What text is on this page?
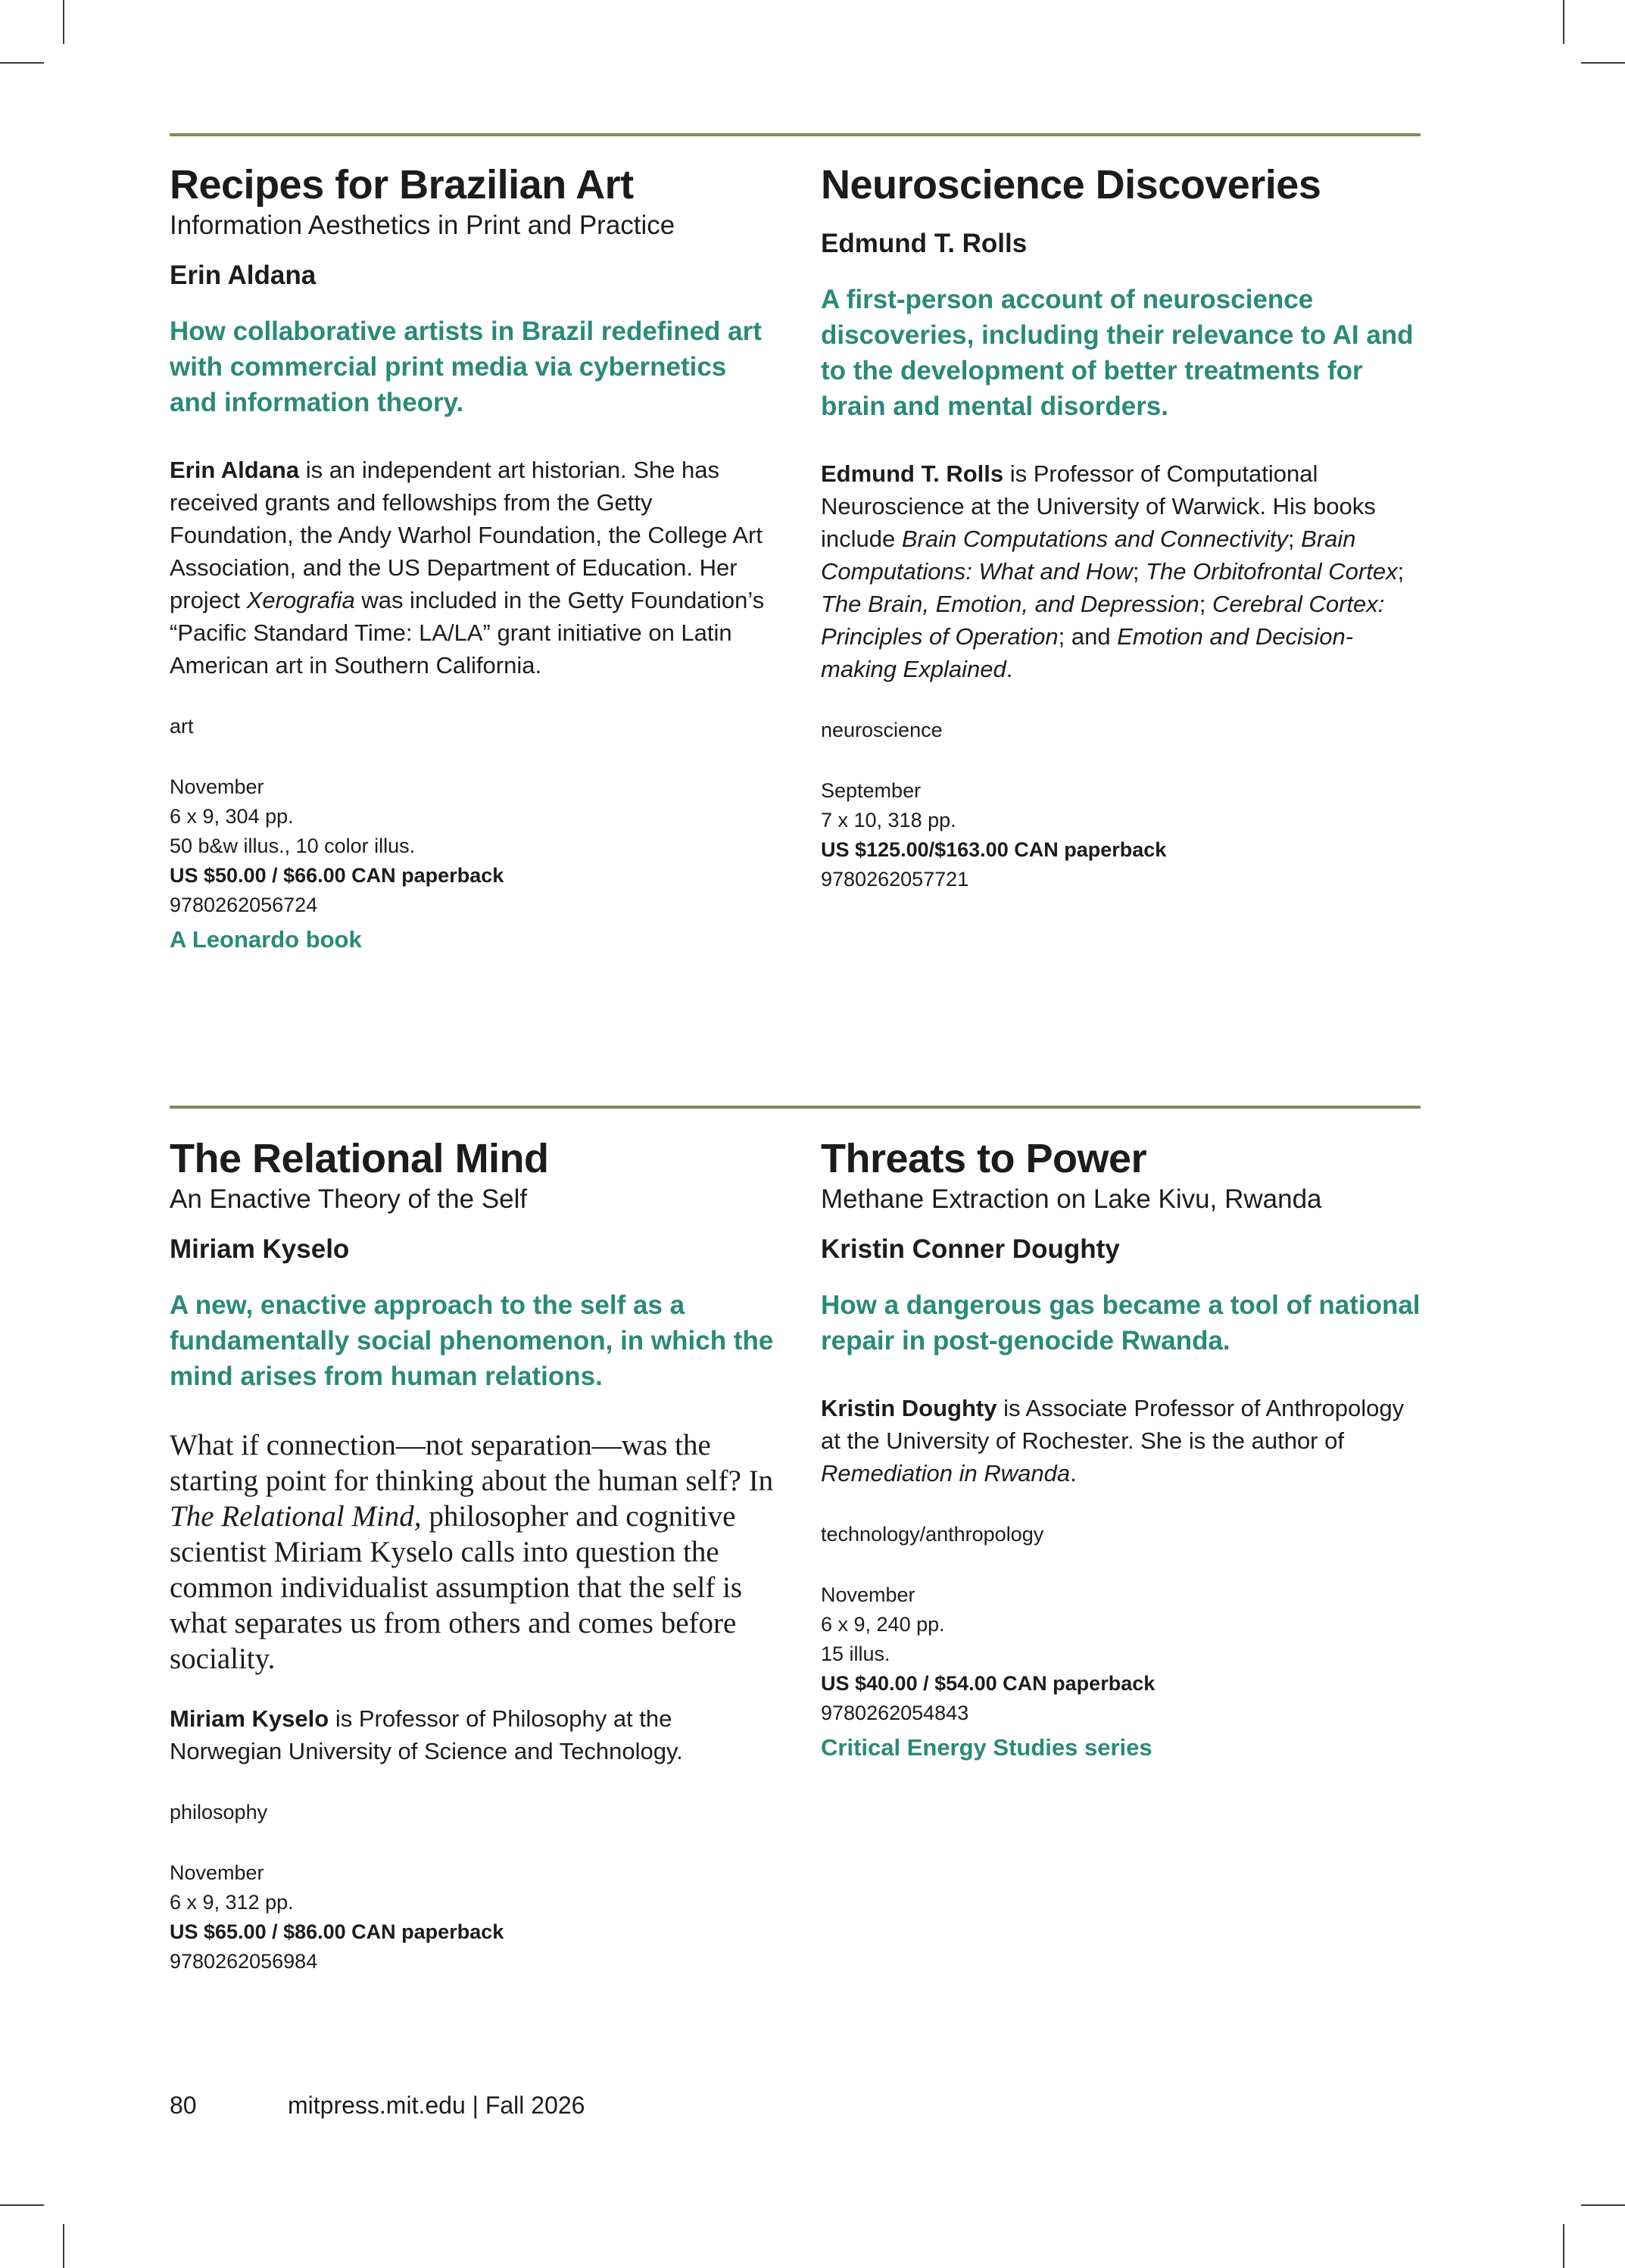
Recipes for Brazilian Art

Information Aesthetics in Print and Practice

Erin Aldana

How collaborative artists in Brazil redefined art with commercial print media via cybernetics and information theory.

Erin Aldana is an independent art historian. She has received grants and fellowships from the Getty Foundation, the Andy Warhol Foundation, the College Art Association, and the US Department of Education. Her project Xerografia was included in the Getty Foundation’s “Pacific Standard Time: LA/LA” grant initiative on Latin American art in Southern California.

art

November
6 x 9, 304 pp.
50 b&w illus., 10 color illus.
US $50.00 / $66.00 CAN paperback
9780262056724

A Leonardo book

Neuroscience Discoveries

Edmund T. Rolls

A first-person account of neuroscience discoveries, including their relevance to AI and to the development of better treatments for brain and mental disorders.

Edmund T. Rolls is Professor of Computational Neuroscience at the University of Warwick. His books include Brain Computations and Connectivity; Brain Computations: What and How; The Orbitofrontal Cortex; The Brain, Emotion, and Depression; Cerebral Cortex: Principles of Operation; and Emotion and Decision-making Explained.

neuroscience

September
7 x 10, 318 pp.
US $125.00/$163.00 CAN paperback
9780262057721
The Relational Mind

An Enactive Theory of the Self

Miriam Kyselo

A new, enactive approach to the self as a fundamentally social phenomenon, in which the mind arises from human relations.

What if connection—not separation—was the starting point for thinking about the human self? In The Relational Mind, philosopher and cognitive scientist Miriam Kyselo calls into question the common individualist assumption that the self is what separates us from others and comes before sociality.

Miriam Kyselo is Professor of Philosophy at the Norwegian University of Science and Technology.

philosophy

November
6 x 9, 312 pp.
US $65.00 / $86.00 CAN paperback
9780262056984
Threats to Power

Methane Extraction on Lake Kivu, Rwanda

Kristin Conner Doughty

How a dangerous gas became a tool of national repair in post-genocide Rwanda.

Kristin Doughty is Associate Professor of Anthropology at the University of Rochester. She is the author of Remediation in Rwanda.

technology/anthropology

November
6 x 9, 240 pp.
15 illus.
US $40.00 / $54.00 CAN paperback
9780262054843

Critical Energy Studies series

80	mitpress.mit.edu | Fall 2026
